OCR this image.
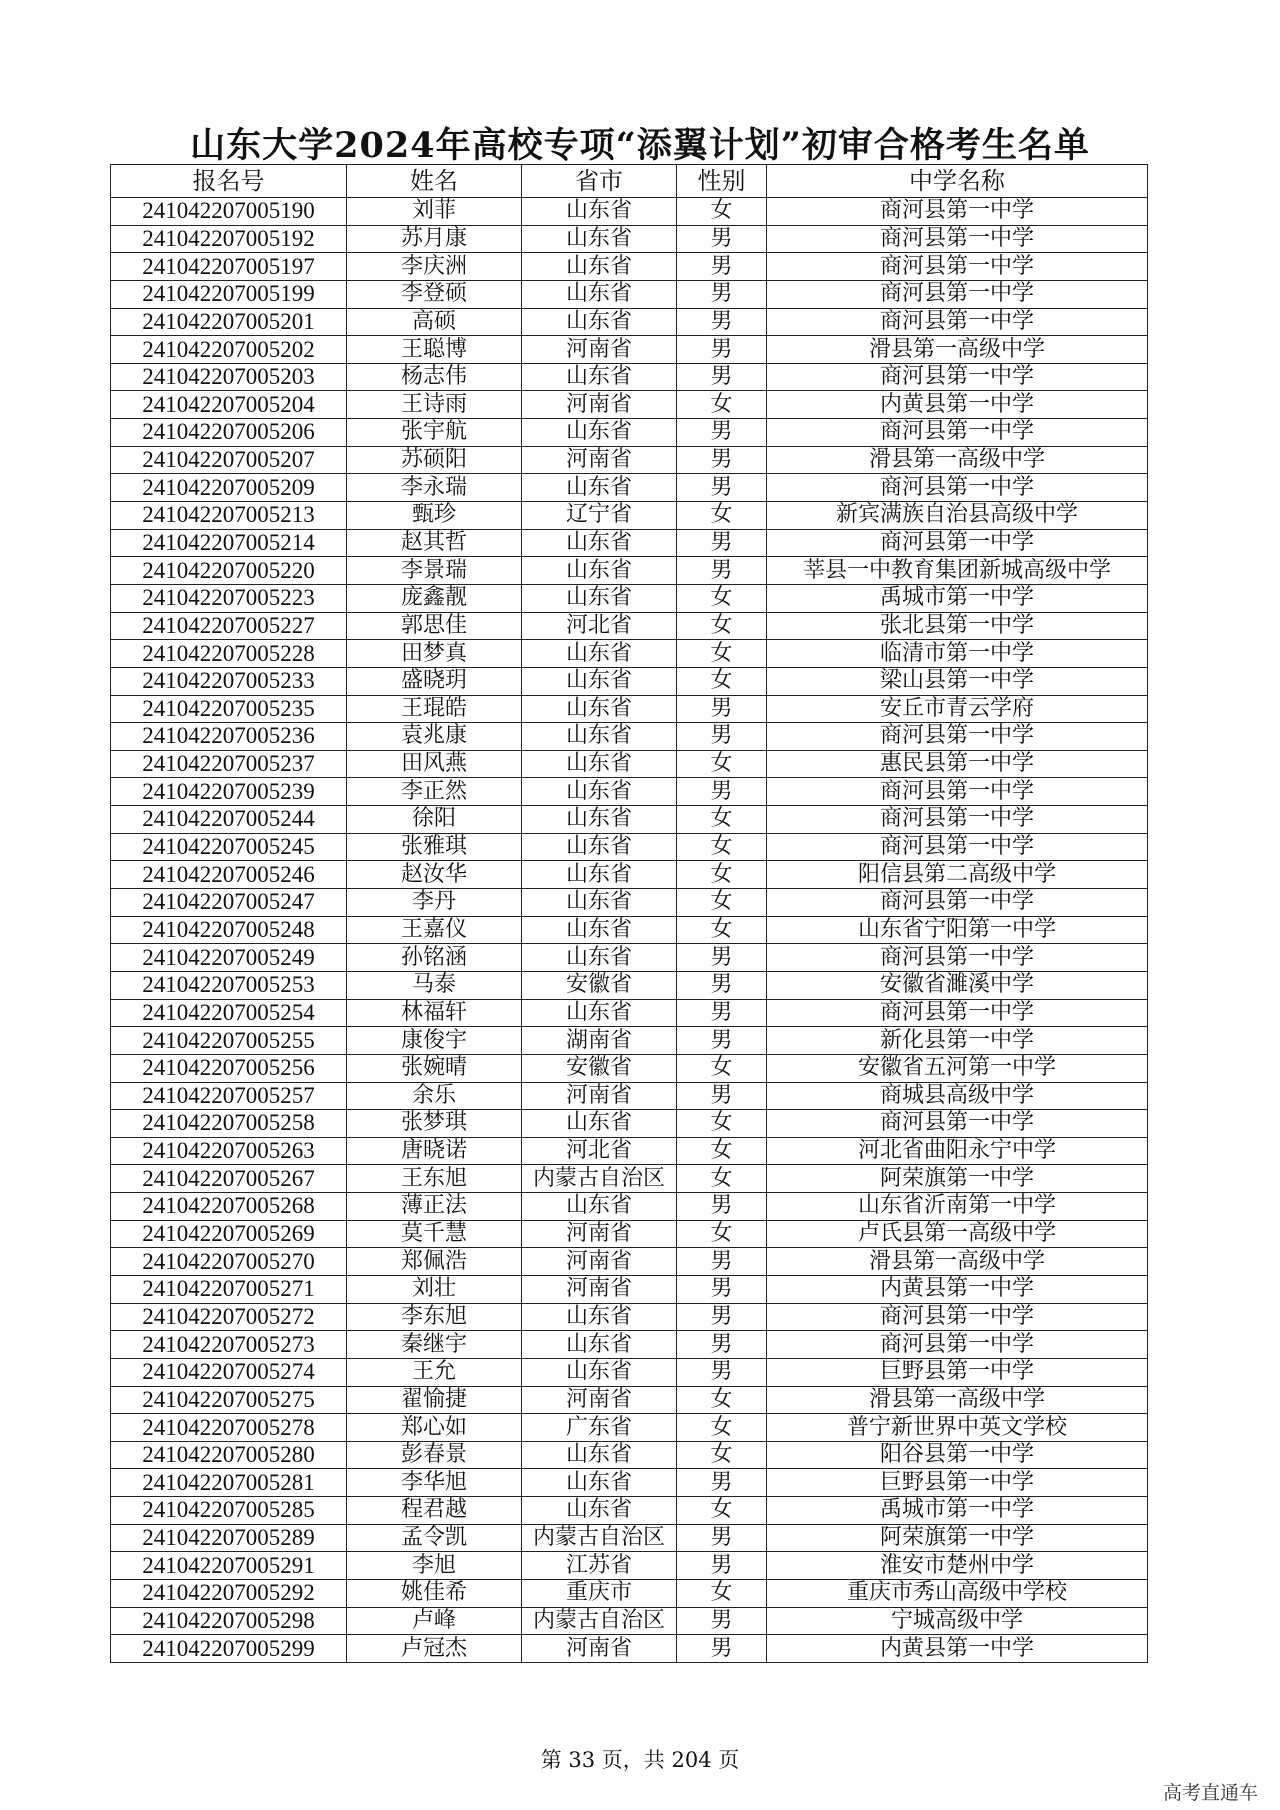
山东大学2024年高校专项“添翼计划”初审合格考生名单
报名号	姓名	省市	性别	中学名称
241042207005190	刘菲	山东省	女	商河县第一中学
241042207005192	苏月康	山东省	男	商河县第一中学
241042207005197	李庆洲	山东省	男	商河县第一中学
241042207005199	李登硕	山东省	男	商河县第一中学
241042207005201	高硕	山东省	男	商河县第一中学
241042207005202	王聪博	河南省	男	滑县第一高级中学
241042207005203	杨志伟	山东省	男	商河县第一中学
241042207005204	王诗雨	河南省	女	内黄县第一中学
241042207005206	张宇航	山东省	男	商河县第一中学
241042207005207	苏硕阳	河南省	男	滑县第一高级中学
241042207005209	李永瑞	山东省	男	商河县第一中学
241042207005213	甄珍	辽宁省	女	新宾满族自治县高级中学
241042207005214	赵其哲	山东省	男	商河县第一中学
241042207005220	李景瑞	山东省	男	莘县一中教育集团新城高级中学
241042207005223	庞鑫靓	山东省	女	禹城市第一中学
241042207005227	郭思佳	河北省	女	张北县第一中学
241042207005228	田梦真	山东省	女	临清市第一中学
241042207005233	盛晓玥	山东省	女	梁山县第一中学
241042207005235	王琨皓	山东省	男	安丘市青云学府
241042207005236	袁兆康	山东省	男	商河县第一中学
241042207005237	田风燕	山东省	女	惠民县第一中学
241042207005239	李正然	山东省	男	商河县第一中学
241042207005244	徐阳	山东省	女	商河县第一中学
241042207005245	张雅琪	山东省	女	商河县第一中学
241042207005246	赵汝华	山东省	女	阳信县第二高级中学
241042207005247	李丹	山东省	女	商河县第一中学
241042207005248	王嘉仪	山东省	女	山东省宁阳第一中学
241042207005249	孙铭涵	山东省	男	商河县第一中学
241042207005253	马泰	安徽省	男	安徽省濉溪中学
241042207005254	林福轩	山东省	男	商河县第一中学
241042207005255	康俊宇	湖南省	男	新化县第一中学
241042207005256	张婉晴	安徽省	女	安徽省五河第一中学
241042207005257	余乐	河南省	男	商城县高级中学
241042207005258	张梦琪	山东省	女	商河县第一中学
241042207005263	唐晓诺	河北省	女	河北省曲阳永宁中学
241042207005267	王东旭	内蒙古自治区	女	阿荣旗第一中学
241042207005268	薄正法	山东省	男	山东省沂南第一中学
241042207005269	莫千慧	河南省	女	卢氏县第一高级中学
241042207005270	郑佩浩	河南省	男	滑县第一高级中学
241042207005271	刘壮	河南省	男	内黄县第一中学
241042207005272	李东旭	山东省	男	商河县第一中学
241042207005273	秦继宇	山东省	男	商河县第一中学
241042207005274	王允	山东省	男	巨野县第一中学
241042207005275	翟愉捷	河南省	女	滑县第一高级中学
241042207005278	郑心如	广东省	女	普宁新世界中英文学校
241042207005280	彭春景	山东省	女	阳谷县第一中学
241042207005281	李华旭	山东省	男	巨野县第一中学
241042207005285	程君越	山东省	女	禹城市第一中学
241042207005289	孟令凯	内蒙古自治区	男	阿荣旗第一中学
241042207005291	李旭	江苏省	男	淮安市楚州中学
241042207005292	姚佳希	重庆市	女	重庆市秀山高级中学校
241042207005298	卢峰	内蒙古自治区	男	宁城高级中学
241042207005299	卢冠杰	河南省	男	内黄县第一中学
第 33 页，共 204 页
高考直通车
